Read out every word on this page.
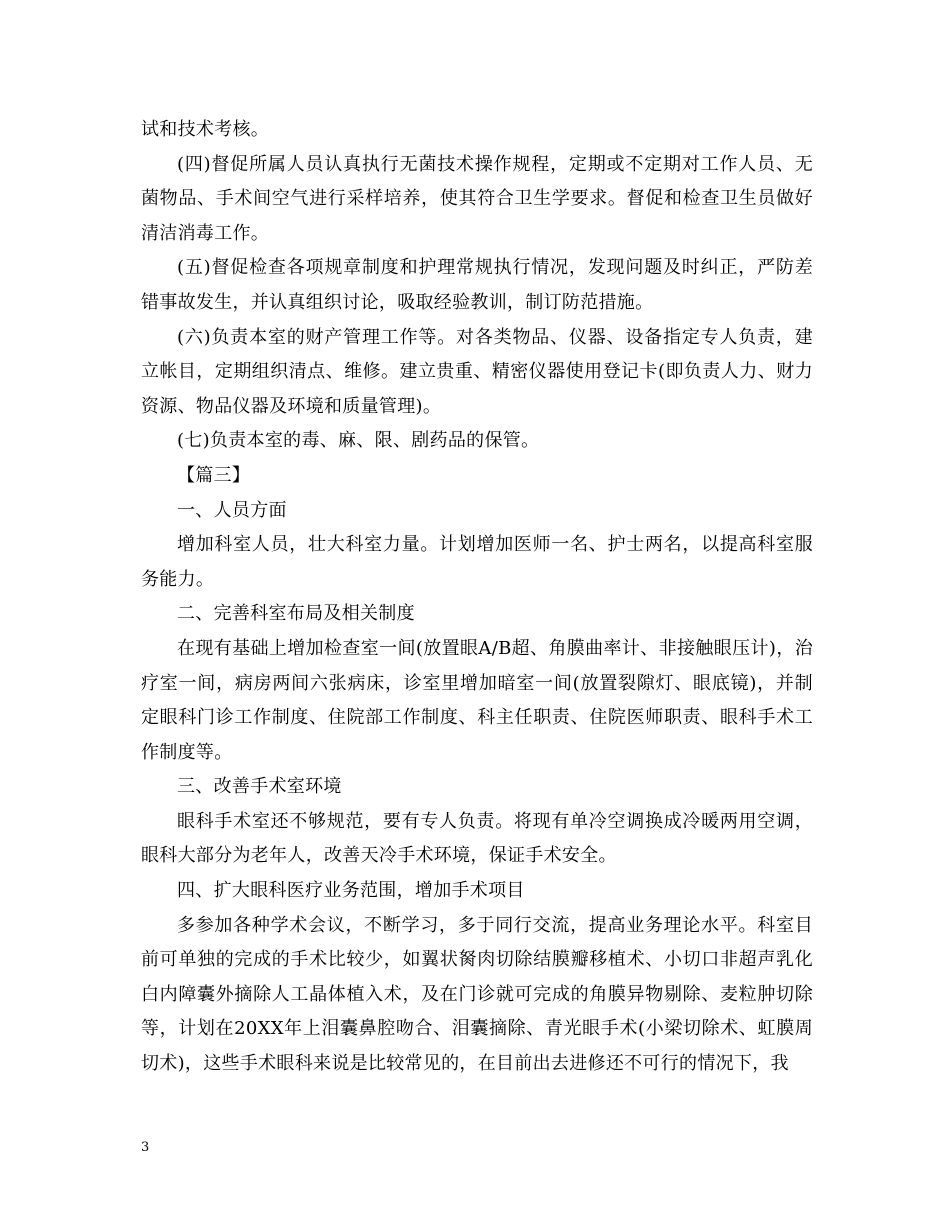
试和技术考核。

(四)督促所属人员认真执行无菌技术操作规程，定期或不定期对工作人员、无菌物品、手术间空气进行采样培养，使其符合卫生学要求。督促和检查卫生员做好清洁消毒工作。

(五)督促检查各项规章制度和护理常规执行情况，发现问题及时纠正，严防差错事故发生，并认真组织讨论，吸取经验教训，制订防范措施。

(六)负责本室的财产管理工作等。对各类物品、仪器、设备指定专人负责，建立帐目，定期组织清点、维修。建立贵重、精密仪器使用登记卡(即负责人力、财力资源、物品仪器及环境和质量管理)。

(七)负责本室的毒、麻、限、剧药品的保管。

【篇三】

一、人员方面

增加科室人员，壮大科室力量。计划增加医师一名、护士两名，以提高科室服务能力。

二、完善科室布局及相关制度

在现有基础上增加检查室一间(放置眼A/B超、角膜曲率计、非接触眼压计)，治疗室一间，病房两间六张病床，诊室里增加暗室一间(放置裂隙灯、眼底镜)，并制定眼科门诊工作制度、住院部工作制度、科主任职责、住院医师职责、眼科手术工作制度等。

三、改善手术室环境

眼科手术室还不够规范，要有专人负责。将现有单冷空调换成冷暖两用空调，眼科大部分为老年人，改善天冷手术环境，保证手术安全。

四、扩大眼科医疗业务范围，增加手术项目

多参加各种学术会议，不断学习，多于同行交流，提高业务理论水平。科室目前可单独的完成的手术比较少，如翼状胬肉切除结膜瓣移植术、小切口非超声乳化白内障囊外摘除人工晶体植入术，及在门诊就可完成的角膜异物剔除、麦粒肿切除等，计划在20XX年上泪囊鼻腔吻合、泪囊摘除、青光眼手术(小梁切除术、虹膜周切术)，这些手术眼科来说是比较常见的，在目前出去进修还不可行的情况下，我

3
